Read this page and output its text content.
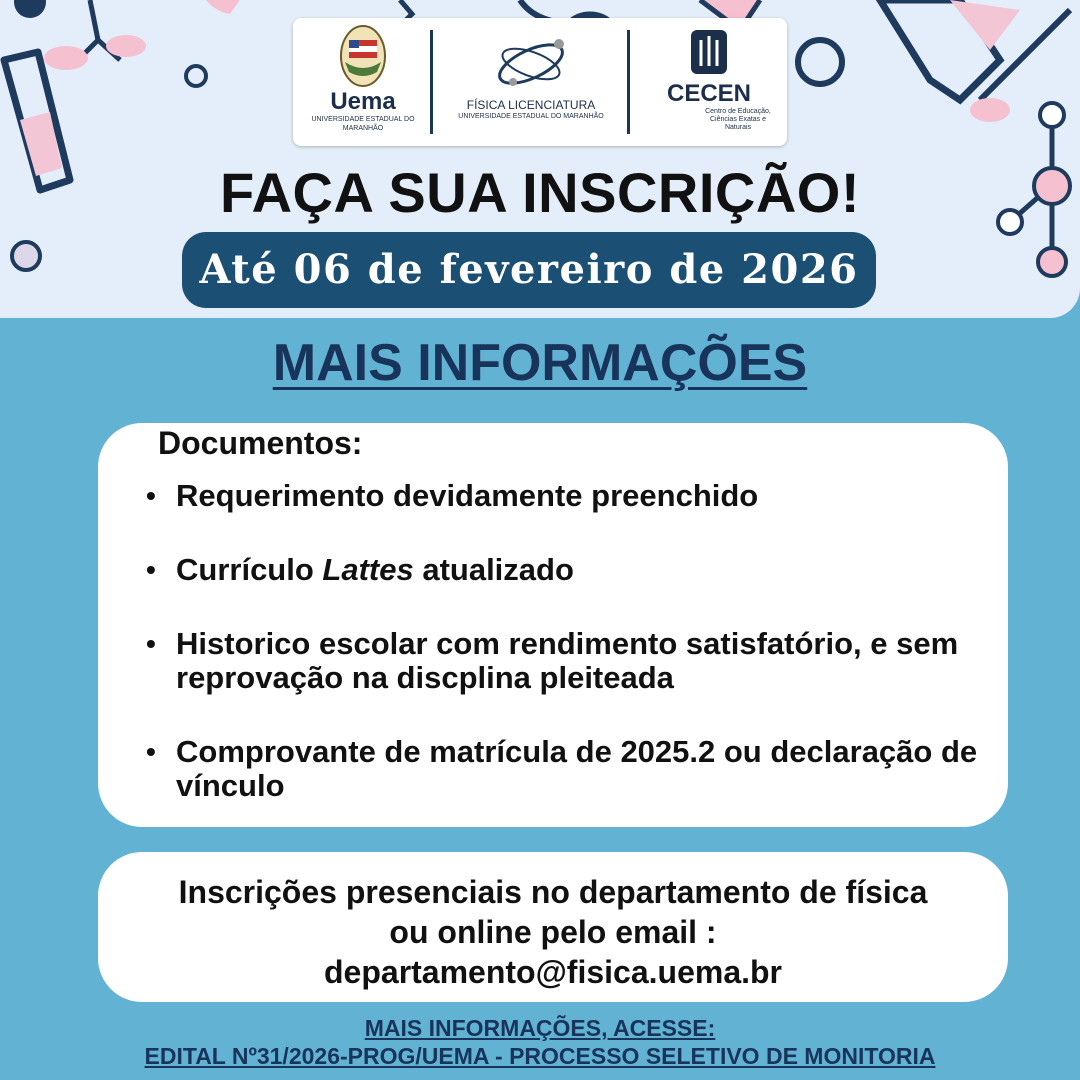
Uema
UNIVERSIDADE ESTADUAL DO MARANHÃO
FÍSICA LICENCIATURA
UNIVERSIDADE ESTADUAL DO MARANHÃO
CECEN
Centro de Educação, Ciências Exatas e Naturais
FAÇA SUA INSCRIÇÃO!
Até 06 de fevereiro de 2026
MAIS INFORMAÇÕES
Documentos:
• Requerimento devidamente preenchido
• Currículo Lattes atualizado
• Historico escolar com rendimento satisfatório, e sem reprovação na discplina pleiteada
• Comprovante de matrícula de 2025.2 ou declaração de vínculo
Inscrições presenciais no departamento de física
ou online pelo email :
departamento@fisica.uema.br
MAIS INFORMAÇÕES, ACESSE:
EDITAL Nº31/2026-PROG/UEMA - PROCESSO SELETIVO DE MONITORIA
